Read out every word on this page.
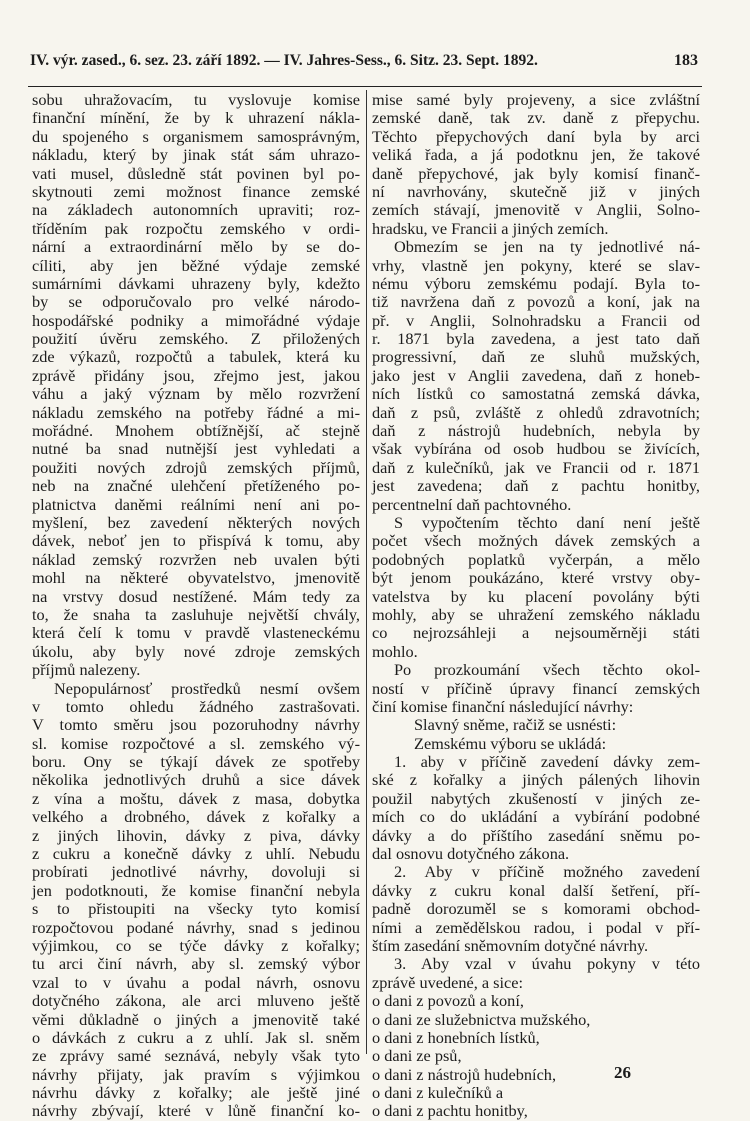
IV. výr. zased., 6. sez. 23. září 1892. — IV. Jahres-Sess., 6. Sitz. 23. Sept. 1892.	183
sobu uhražovacím, tu vyslovuje komise
finanční mínění, že by k uhrazení nákla-
du spojeného s organismem samosprávným,
nákladu, který by jinak stát sám uhrazo-
vati musel, důsledně stát povinen byl po-
skytnouti zemi možnost finance zemské
na základech autonomních upraviti; roz-
tříděním pak rozpočtu zemského v ordi-
nární a extraordinární mělo by se do-
cíliti, aby jen běžné výdaje zemské
sumárními dávkami uhrazeny byly, kdežto
by se odporučovalo pro velké národo-
hospodářské podniky a mimořádné výdaje
použití úvěru zemského. Z přiložených
zde výkazů, rozpočtů a tabulek, která ku
zprávě přidány jsou, zřejmo jest, jakou
váhu a jaký význam by mělo rozvržení
nákladu zemského na potřeby řádné a mi-
mořádné. Mnohem obtížnější, ač stejně
nutné ba snad nutnější jest vyhledati a
použiti nových zdrojů zemských příjmů,
neb na značné ulehčení přetíženého po-
platnictva daněmi reálními není ani po-
myšlení, bez zavedení některých nových
dávek, neboť jen to přispívá k tomu, aby
náklad zemský rozvržen neb uvalen býti
mohl na některé obyvatelstvo, jmenovitě
na vrstvy dosud nestížené. Mám tedy za
to, že snaha ta zasluhuje největší chvály,
která čelí k tomu v pravdě vlasteneckému
úkolu, aby byly nové zdroje zemských
příjmů nalezeny.
Nepopulárnosť prostředků nesmí ovšem
v tomto ohledu žádného zastrašovati.
V tomto směru jsou pozoruhodny návrhy
sl. komise rozpočtové a sl. zemského vý-
boru. Ony se týkají dávek ze spotřeby
několika jednotlivých druhů a sice dávek
z vína a moštu, dávek z masa, dobytka
velkého a drobného, dávek z kořalky a
z jiných lihovin, dávky z piva, dávky
z cukru a konečně dávky z uhlí. Nebudu
probírati jednotlivé návrhy, dovoluji si
jen podotknouti, že komise finanční nebyla
s to přistoupiti na všecky tyto komisí
rozpočtovou podané návrhy, snad s jedinou
výjimkou, co se týče dávky z kořalky;
tu arci činí návrh, aby sl. zemský výbor
vzal to v úvahu a podal návrh, osnovu
dotyčného zákona, ale arci mluveno ještě
věmi důkladně o jiných a jmenovitě také
o dávkách z cukru a z uhlí. Jak sl. sněm
ze zprávy samé seznává, nebyly však tyto
návrhy přijaty, jak pravím s výjimkou
návrhu dávky z kořalky; ale ještě jiné
návrhy zbývají, které v lůně finanční ko-
mise samé byly projeveny, a sice zvláštní
zemské daně, tak zv. daně z přepychu.
Těchto přepychových daní byla by arci
veliká řada, a já podotknu jen, že takové
daně přepychové, jak byly komisí finanč-
ní navrhovány, skutečně již v jiných
zemích stávají, jmenovitě v Anglii, Solno-
hradsku, ve Francii a jiných zemích.
Obmezím se jen na ty jednotlivé ná-
vrhy, vlastně jen pokyny, které se slav-
nému výboru zemskému podají. Byla to-
tiž navržena daň z povozů a koní, jak na
př. v Anglii, Solnohradsku a Francii od
r. 1871 byla zavedena, a jest tato daň
progressivní, daň ze sluhů mužských,
jako jest v Anglii zavedena, daň z honeb-
ních lístků co samostatná zemská dávka,
daň z psů, zvláště z ohledů zdravotních;
daň z nástrojů hudebních, nebyla by
však vybírána od osob hudbou se živících,
daň z kulečníků, jak ve Francii od r. 1871
jest zavedena; daň z pachtu honitby,
percentnelní daň pachtovného.
S vypočtením těchto daní není ještě
počet všech možných dávek zemských a
podobných poplatků vyčerpán, a mělo
být jenom poukázáno, které vrstvy oby-
vatelstva by ku placení povolány býti
mohly, aby se uhražení zemského nákladu
co nejrozsáhleji a nejsouměrněji státi
mohlo.
Po prozkoumání všech těchto okol-
ností v příčině úpravy financí zemských
činí komise finanční následující návrhy:
Slavný sněme, račiž se usnésti:
Zemskému výboru se ukládá:
1. aby v příčině zavedení dávky zem-
ské z kořalky a jiných pálených lihovin
použil nabytých zkušeností v jiných ze-
mích co do ukládání a vybírání podobné
dávky a do příštího zasedání sněmu po-
dal osnovu dotyčného zákona.
2. Aby v příčině možného zavedení
dávky z cukru konal další šetření, pří-
padně dorozuměl se s komorami obchod-
ními a zemědělskou radou, i podal v pří-
štím zasedání sněmovním dotyčné návrhy.
3. Aby vzal v úvahu pokyny v této
zprávě uvedené, a sice:
o dani z povozů a koní,
o dani ze služebnictva mužského,
o dani z honebních lístků,
o dani ze psů,
o dani z nástrojů hudebních,
o dani z kulečníků a
o dani z pachtu honitby,
26
